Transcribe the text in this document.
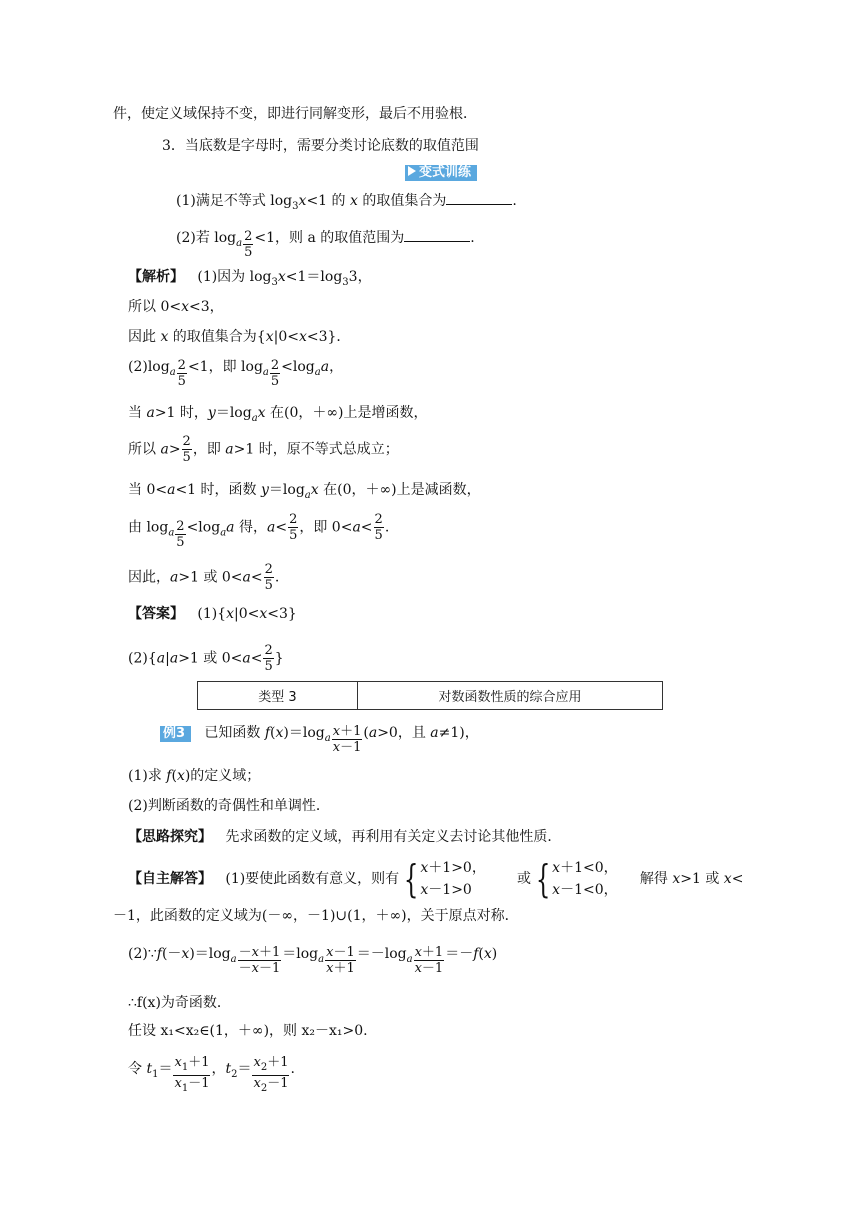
件，使定义域保持不变，即进行同解变形，最后不用验根．
3．当底数是字母时，需要分类讨论底数的取值范围
变式训练
(1)满足不等式 $\log_3x<1$ 的 x 的取值集合为	.
(2)若 $\log_a \frac{2}{5} <1$，则 a 的取值范围为	.
【解析】   (1)因为 $\log_3x<1=\log_33$，
所以 0<x<3，
因此 x 的取值集合为{x|0<x<3}．
$(2)\log_a \frac{2}{5} <1$，即 $\log_a \frac{2}{5} <\log_aa$，
当 a>1 时，$y=\log_ax$ 在(0，＋∞)上是增函数，
所以 $a> \frac{2}{5}$ ，即 a>1 时，原不等式总成立；
当 0<a<1 时，函数 $y=\log_ax$ 在(0，＋∞)上是减函数，
由 $\log_a \frac{2}{5} <\log_aa$ 得，$a< \frac{2}{5}$ ，即 $0<a< \frac{2}{5}$ .
因此，a>1 或 $0<a< \frac{2}{5}$ .
【答案】   (1){x|0<x<3}
(2){a|a>1 或 $0<a< \frac{2}{5}$ }
类型 3	对数函数性质的综合应用
例3   已知函数 $f(x)=\log_a \frac{x+1}{x-1} (a>0$，且 a≠1)，
(1)求 f(x)的定义域；
(2)判断函数的奇偶性和单调性．
【思路探究】 先求函数的定义域，再利用有关定义去讨论其他性质．
【自主解答】   (1)要使此函数有意义，则有 { x＋1>0，
x－1>0       或 { x＋1<0，
x－1<0，     解得 x>1 或 x<
－1，此函数的定义域为(－∞，－1)∪(1，＋∞)，关于原点对称．
$(2)\because f(-x)=\log_a \frac{-x+1}{-x-1} =\log_a \frac{x-1}{x+1} =-\log_a \frac{x+1}{x-1} =-f(x)$
∴f(x)为奇函数．
任设 x₁<x₂∈(1，＋∞)，则 x₂－x₁>0.
令 $t_1= \frac{x_1+1}{x_1-1}$ ，$t_2= \frac{x_2+1}{x_2-1}$ .
